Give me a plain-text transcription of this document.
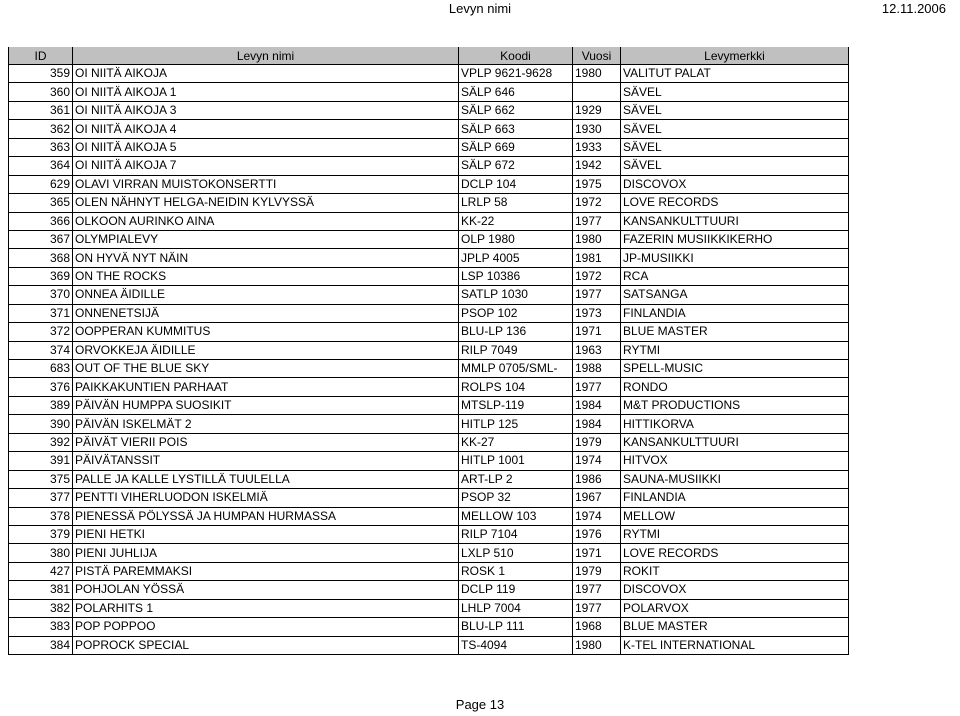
Levyn nimi	12.11.2006
ID	Levyn nimi	Koodi	Vuosi	Levymerkki
359	OI NIITÄ AIKOJA	VPLP 9621-9628	1980	VALITUT PALAT
360	OI NIITÄ AIKOJA 1	SÄLP 646		SÄVEL
361	OI NIITÄ AIKOJA 3	SÄLP 662	1929	SÄVEL
362	OI NIITÄ AIKOJA 4	SÄLP 663	1930	SÄVEL
363	OI NIITÄ AIKOJA 5	SÄLP 669	1933	SÄVEL
364	OI NIITÄ AIKOJA 7	SÄLP 672	1942	SÄVEL
629	OLAVI VIRRAN MUISTOKONSERTTI	DCLP 104	1975	DISCOVOX
365	OLEN NÄHNYT HELGA-NEIDIN KYLVYSSÄ	LRLP 58	1972	LOVE RECORDS
366	OLKOON AURINKO AINA	KK-22	1977	KANSANKULTTUURI
367	OLYMPIALEVY	OLP 1980	1980	FAZERIN MUSIIKKIKERHO
368	ON HYVÄ NYT NÄIN	JPLP 4005	1981	JP-MUSIIKKI
369	ON THE ROCKS	LSP 10386	1972	RCA
370	ONNEA ÄIDILLE	SATLP 1030	1977	SATSANGA
371	ONNENETSIJÄ	PSOP 102	1973	FINLANDIA
372	OOPPERAN KUMMITUS	BLU-LP 136	1971	BLUE MASTER
374	ORVOKKEJA ÄIDILLE	RILP 7049	1963	RYTMI
683	OUT OF THE BLUE SKY	MMLP 0705/SML-	1988	SPELL-MUSIC
376	PAIKKAKUNTIEN PARHAAT	ROLPS 104	1977	RONDO
389	PÄIVÄN HUMPPA SUOSIKIT	MTSLP-119	1984	M&T PRODUCTIONS
390	PÄIVÄN ISKELMÄT 2	HITLP 125	1984	HITTIKORVA
392	PÄIVÄT VIERII POIS	KK-27	1979	KANSANKULTTUURI
391	PÄIVÄTANSSIT	HITLP 1001	1974	HITVOX
375	PALLE JA KALLE LYSTILLÄ TUULELLA	ART-LP 2	1986	SAUNA-MUSIIKKI
377	PENTTI VIHERLUODON ISKELMIÄ	PSOP 32	1967	FINLANDIA
378	PIENESSÄ PÖLYSSÄ JA HUMPAN HURMASSA	MELLOW 103	1974	MELLOW
379	PIENI HETKI	RILP 7104	1976	RYTMI
380	PIENI JUHLIJA	LXLP 510	1971	LOVE RECORDS
427	PISTÄ PAREMMAKSI	ROSK 1	1979	ROKIT
381	POHJOLAN YÖSSÄ	DCLP 119	1977	DISCOVOX
382	POLARHITS 1	LHLP 7004	1977	POLARVOX
383	POP POPPOO	BLU-LP 111	1968	BLUE MASTER
384	POPROCK SPECIAL	TS-4094	1980	K-TEL INTERNATIONAL
Page 13
